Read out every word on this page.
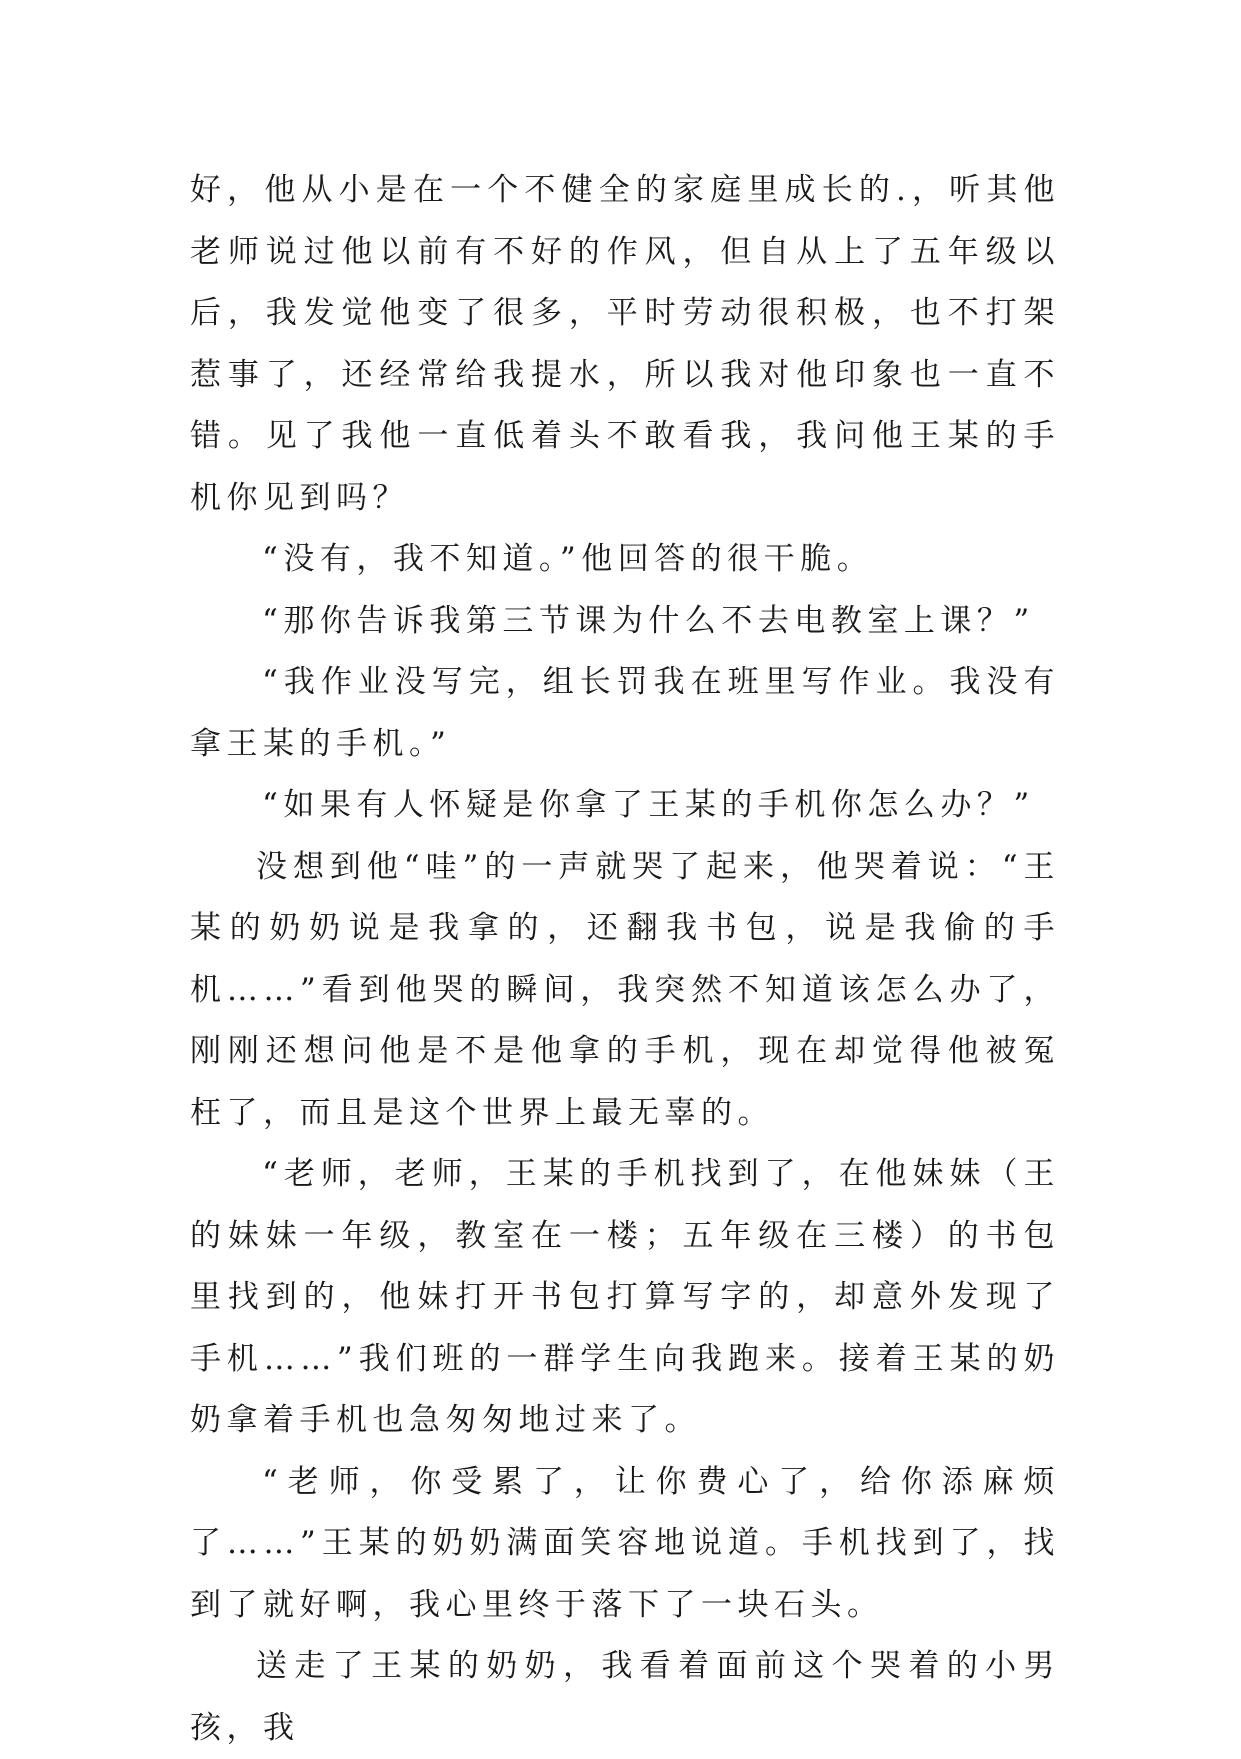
好，他从小是在一个不健全的家庭里成长的.，听其他老师说过他以前有不好的作风，但自从上了五年级以后，我发觉他变了很多，平时劳动很积极，也不打架惹事了，还经常给我提水，所以我对他印象也一直不错。见了我他一直低着头不敢看我，我问他王某的手机你见到吗？

“没有，我不知道。”他回答的很干脆。

“那你告诉我第三节课为什么不去电教室上课？”

“我作业没写完，组长罚我在班里写作业。我没有拿王某的手机。”

“如果有人怀疑是你拿了王某的手机你怎么办？”

没想到他“哇”的一声就哭了起来，他哭着说：“王某的奶奶说是我拿的，还翻我书包，说是我偷的手机……”看到他哭的瞬间，我突然不知道该怎么办了，刚刚还想问他是不是他拿的手机，现在却觉得他被冤枉了，而且是这个世界上最无辜的。

“老师，老师，王某的手机找到了，在他妹妹（王的妹妹一年级，教室在一楼；五年级在三楼）的书包里找到的，他妹打开书包打算写字的，却意外发现了手机……”我们班的一群学生向我跑来。接着王某的奶奶拿着手机也急匆匆地过来了。

“老师，你受累了，让你费心了，给你添麻烦了……”王某的奶奶满面笑容地说道。手机找到了，找到了就好啊，我心里终于落下了一块石头。

送走了王某的奶奶，我看着面前这个哭着的小男孩，我
